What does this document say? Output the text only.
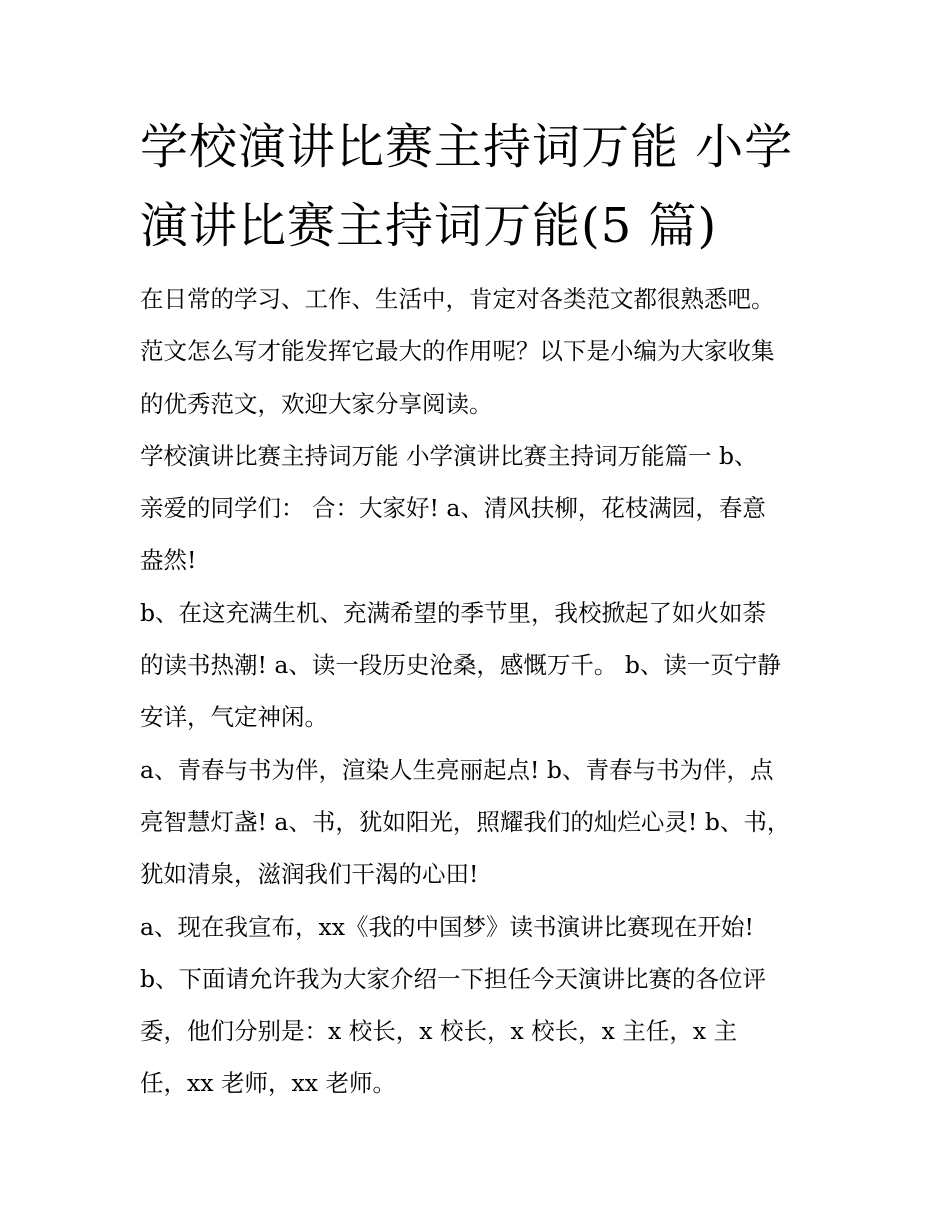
学校演讲比赛主持词万能 小学
演讲比赛主持词万能(5 篇)
在日常的学习、工作、生活中，肯定对各类范文都很熟悉吧。
范文怎么写才能发挥它最大的作用呢？以下是小编为大家收集
的优秀范文，欢迎大家分享阅读。
学校演讲比赛主持词万能 小学演讲比赛主持词万能篇一 b、
亲爱的同学们： 合：大家好! a、清风扶柳，花枝满园，春意
盎然!
b、在这充满生机、充满希望的季节里，我校掀起了如火如荼
的读书热潮! a、读一段历史沧桑，感慨万千。 b、读一页宁静
安详，气定神闲。
a、青春与书为伴，渲染人生亮丽起点! b、青春与书为伴，点
亮智慧灯盏! a、书，犹如阳光，照耀我们的灿烂心灵! b、书，
犹如清泉，滋润我们干渴的心田!
a、现在我宣布，xx《我的中国梦》读书演讲比赛现在开始!
b、下面请允许我为大家介绍一下担任今天演讲比赛的各位评
委，他们分别是：x 校长，x 校长，x 校长，x 主任，x 主
任，xx 老师，xx 老师。
